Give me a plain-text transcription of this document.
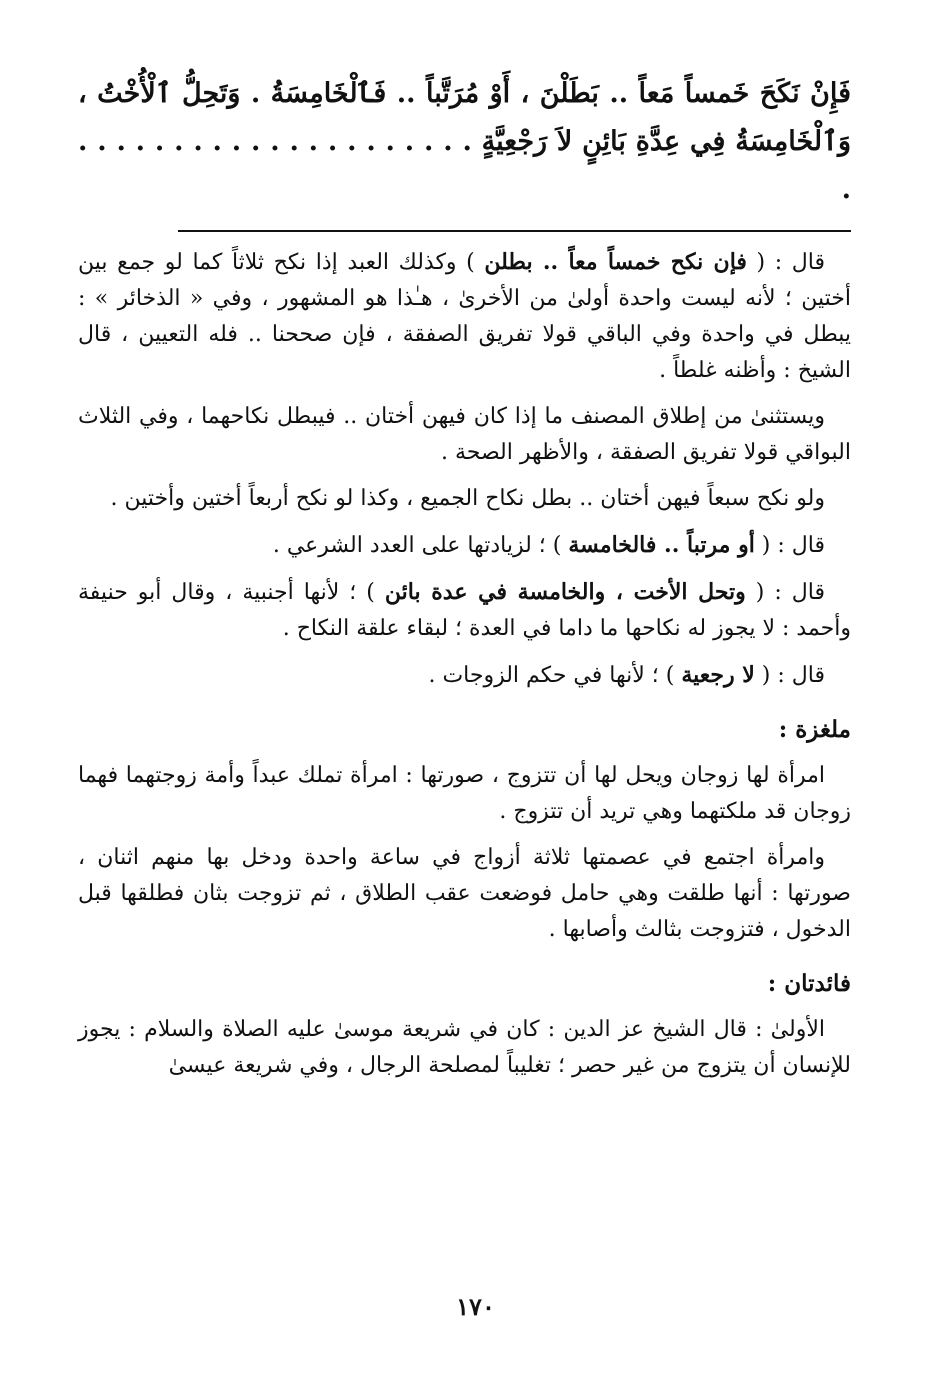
فَإِنْ نَكَحَ خَمساً مَعاً .. بَطَلْنَ ، أَوْ مُرَتَّباً .. فَٱلْخَامِسَةُ . وَتَحِلُّ ٱلْأُخْتُ ، وَٱلْخَامِسَةُ فِي عِدَّةِ بَائِنٍ لاَ رَجْعِيَّةٍ . . . . . . . . . . . . . . . . . . . . . .

قال : ( فإن نكح خمساً معاً .. بطلن ) وكذلك العبد إذا نكح ثلاثاً كما لو جمع بين أختين ؛ لأنه ليست واحدة أولىٰ من الأخرىٰ ، هـٰذا هو المشهور ، وفي « الذخائر » : يبطل في واحدة وفي الباقي قولا تفريق الصفقة ، فإن صححنا .. فله التعيين ، قال الشيخ : وأظنه غلطاً .

ويستثنىٰ من إطلاق المصنف ما إذا كان فيهن أختان .. فيبطل نكاحهما ، وفي الثلاث البواقي قولا تفريق الصفقة ، والأظهر الصحة .

ولو نكح سبعاً فيهن أختان .. بطل نكاح الجميع ، وكذا لو نكح أربعاً أختين وأختين .

قال : ( أو مرتباً .. فالخامسة ) ؛ لزيادتها على العدد الشرعي .

قال : ( وتحل الأخت ، والخامسة في عدة بائن ) ؛ لأنها أجنبية ، وقال أبو حنيفة وأحمد : لا يجوز له نكاحها ما داما في العدة ؛ لبقاء علقة النكاح .

قال : ( لا رجعية ) ؛ لأنها في حكم الزوجات .

ملغزة :

امرأة لها زوجان ويحل لها أن تتزوج ، صورتها : امرأة تملك عبداً وأمة زوجتهما فهما زوجان قد ملكتهما وهي تريد أن تتزوج .

وامرأة اجتمع في عصمتها ثلاثة أزواج في ساعة واحدة ودخل بها منهم اثنان ، صورتها : أنها طلقت وهي حامل فوضعت عقب الطلاق ، ثم تزوجت بثان فطلقها قبل الدخول ، فتزوجت بثالث وأصابها .

فائدتان :

الأولىٰ : قال الشيخ عز الدين : كان في شريعة موسىٰ عليه الصلاة والسلام : يجوز للإنسان أن يتزوج من غير حصر ؛ تغليباً لمصلحة الرجال ، وفي شريعة عيسىٰ

١٧٠
